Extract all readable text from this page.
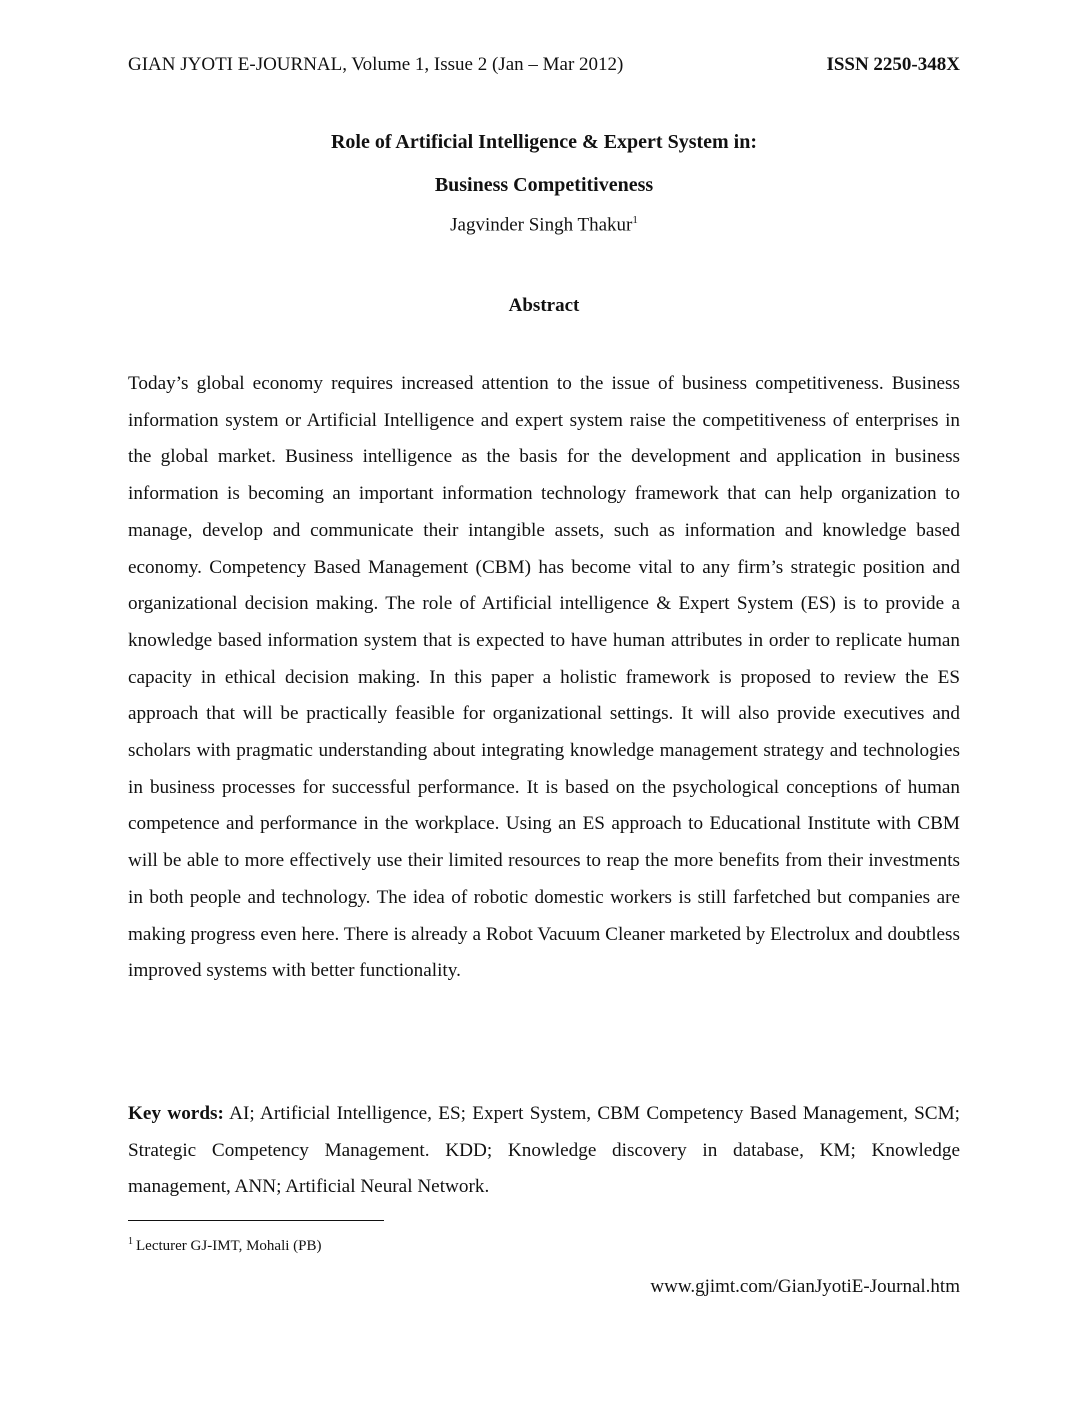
GIAN JYOTI E-JOURNAL, Volume 1, Issue 2 (Jan – Mar 2012)	ISSN 2250-348X
Role of Artificial Intelligence & Expert System in:
Business Competitiveness
Jagvinder Singh Thakur$^1$
Abstract

Today’s global economy requires increased attention to the issue of business competitiveness. Business information system or Artificial Intelligence and expert system raise the competitiveness of enterprises in the global market. Business intelligence as the basis for the development and application in business information is becoming an important information technology framework that can help organization to manage, develop and communicate their intangible assets, such as information and knowledge based economy. Competency Based Management (CBM) has become vital to any firm’s strategic position and organizational decision making. The role of Artificial intelligence & Expert System (ES) is to provide a knowledge based information system that is expected to have human attributes in order to replicate human capacity in ethical decision making. In this paper a holistic framework is proposed to review the ES approach that will be practically feasible for organizational settings. It will also provide executives and scholars with pragmatic understanding about integrating knowledge management strategy and technologies in business processes for successful performance. It is based on the psychological conceptions of human competence and performance in the workplace. Using an ES approach to Educational Institute with CBM will be able to more effectively use their limited resources to reap the more benefits from their investments in both people and technology. The idea of robotic domestic workers is still farfetched but companies are making progress even here. There is already a Robot Vacuum Cleaner marketed by Electrolux and doubtless improved systems with better functionality.

Key words: AI; Artificial Intelligence, ES; Expert System, CBM Competency Based Management, SCM; Strategic Competency Management. KDD; Knowledge discovery in database, KM; Knowledge management, ANN; Artificial Neural Network.

$^1$ Lecturer GJ-IMT, Mohali (PB)
www.gjimt.com/GianJyotiE-Journal.htm
